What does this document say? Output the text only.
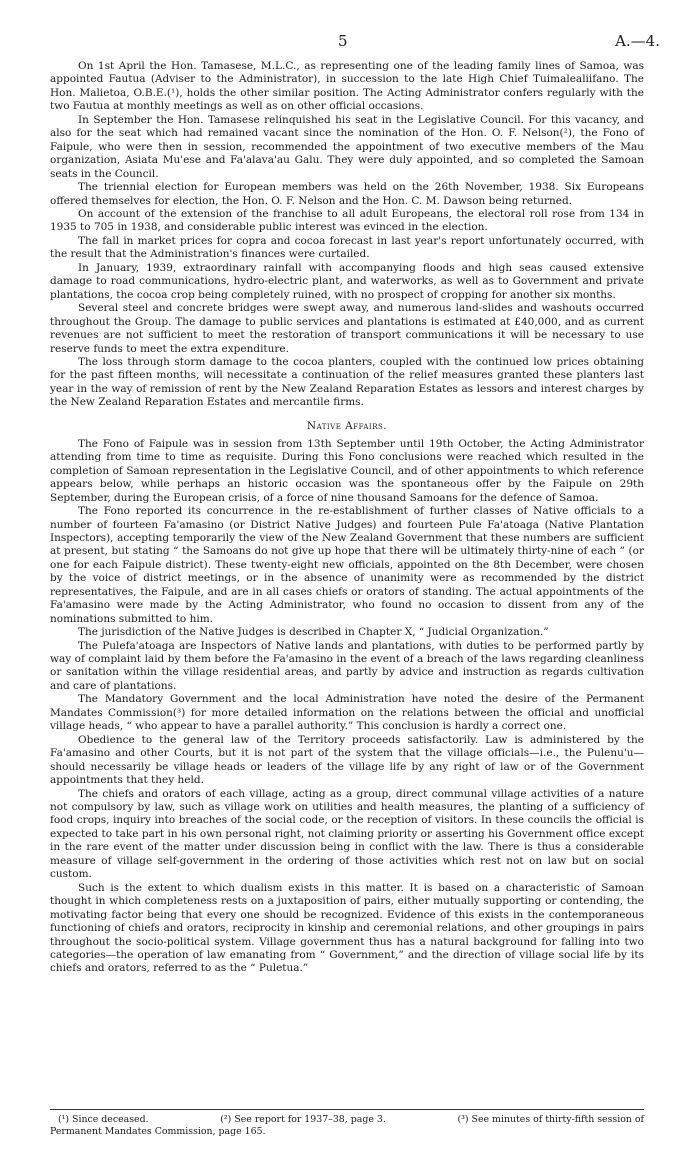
5	A.—4.

On 1st April the Hon. Tamasese, M.L.C., as representing one of the leading family lines of Samoa, was appointed Fautua (Adviser to the Administrator), in succession to the late High Chief Tuimalealiifano. The Hon. Malietoa, O.B.E.(¹), holds the other similar position. The Acting Administrator confers regularly with the two Fautua at monthly meetings as well as on other official occasions.

In September the Hon. Tamasese relinquished his seat in the Legislative Council. For this vacancy, and also for the seat which had remained vacant since the nomination of the Hon. O. F. Nelson(²), the Fono of Faipule, who were then in session, recommended the appointment of two executive members of the Mau organization, Asiata Mu'ese and Fa'alava'au Galu. They were duly appointed, and so completed the Samoan seats in the Council.

The triennial election for European members was held on the 26th November, 1938. Six Europeans offered themselves for election, the Hon. O. F. Nelson and the Hon. C. M. Dawson being returned.

On account of the extension of the franchise to all adult Europeans, the electoral roll rose from 134 in 1935 to 705 in 1938, and considerable public interest was evinced in the election.

The fall in market prices for copra and cocoa forecast in last year's report unfortunately occurred, with the result that the Administration's finances were curtailed.

In January, 1939, extraordinary rainfall with accompanying floods and high seas caused extensive damage to road communications, hydro-electric plant, and waterworks, as well as to Government and private plantations, the cocoa crop being completely ruined, with no prospect of cropping for another six months.

Several steel and concrete bridges were swept away, and numerous land-slides and washouts occurred throughout the Group. The damage to public services and plantations is estimated at £40,000, and as current revenues are not sufficient to meet the restoration of transport communications it will be necessary to use reserve funds to meet the extra expenditure.

The loss through storm damage to the cocoa planters, coupled with the continued low prices obtaining for the past fifteen months, will necessitate a continuation of the relief measures granted these planters last year in the way of remission of rent by the New Zealand Reparation Estates as lessors and interest charges by the New Zealand Reparation Estates and mercantile firms.

Native Affairs.

The Fono of Faipule was in session from 13th September until 19th October, the Acting Administrator attending from time to time as requisite. During this Fono conclusions were reached which resulted in the completion of Samoan representation in the Legislative Council, and of other appointments to which reference appears below, while perhaps an historic occasion was the spontaneous offer by the Faipule on 29th September, during the European crisis, of a force of nine thousand Samoans for the defence of Samoa.

The Fono reported its concurrence in the re-establishment of further classes of Native officials to a number of fourteen Fa'amasino (or District Native Judges) and fourteen Pule Fa'atoaga (Native Plantation Inspectors), accepting temporarily the view of the New Zealand Government that these numbers are sufficient at present, but stating “ the Samoans do not give up hope that there will be ultimately thirty-nine of each ” (or one for each Faipule district). These twenty-eight new officials, appointed on the 8th December, were chosen by the voice of district meetings, or in the absence of unanimity were as recommended by the district representatives, the Faipule, and are in all cases chiefs or orators of standing. The actual appointments of the Fa'amasino were made by the Acting Administrator, who found no occasion to dissent from any of the nominations submitted to him.

The jurisdiction of the Native Judges is described in Chapter X, “ Judicial Organization.”

The Pulefa'atoaga are Inspectors of Native lands and plantations, with duties to be performed partly by way of complaint laid by them before the Fa'amasino in the event of a breach of the laws regarding cleanliness or sanitation within the village residential areas, and partly by advice and instruction as regards cultivation and care of plantations.

The Mandatory Government and the local Administration have noted the desire of the Permanent Mandates Commission(³) for more detailed information on the relations between the official and unofficial village heads, “ who appear to have a parallel authority.” This conclusion is hardly a correct one.

Obedience to the general law of the Territory proceeds satisfactorily. Law is administered by the Fa'amasino and other Courts, but it is not part of the system that the village officials—i.e., the Pulenu'u—should necessarily be village heads or leaders of the village life by any right of law or of the Government appointments that they held.

The chiefs and orators of each village, acting as a group, direct communal village activities of a nature not compulsory by law, such as village work on utilities and health measures, the planting of a sufficiency of food crops, inquiry into breaches of the social code, or the reception of visitors. In these councils the official is expected to take part in his own personal right, not claiming priority or asserting his Government office except in the rare event of the matter under discussion being in conflict with the law. There is thus a considerable measure of village self-government in the ordering of those activities which rest not on law but on social custom.

Such is the extent to which dualism exists in this matter. It is based on a characteristic of Samoan thought in which completeness rests on a juxtaposition of pairs, either mutually supporting or contending, the motivating factor being that every one should be recognized. Evidence of this exists in the contemporaneous functioning of chiefs and orators, reciprocity in kinship and ceremonial relations, and other groupings in pairs throughout the socio-political system. Village government thus has a natural background for falling into two categories—the operation of law emanating from “ Government,” and the direction of village social life by its chiefs and orators, referred to as the “ Puletua.”

(¹) Since deceased.	(²) See report for 1937–38, page 3.	(³) See minutes of thirty-fifth session of
Permanent Mandates Commission, page 165.
